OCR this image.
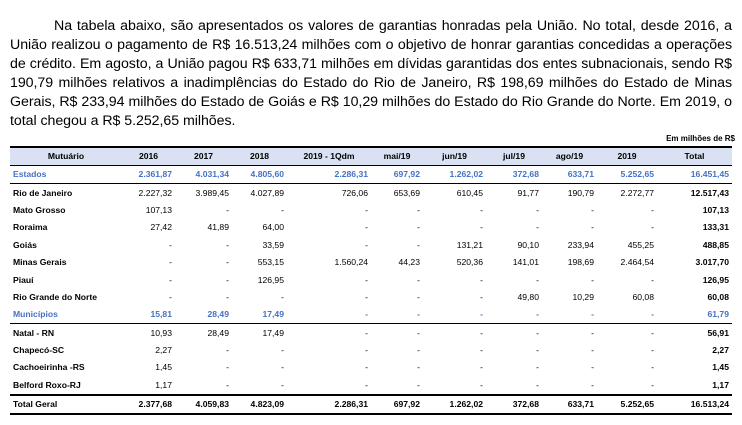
Na tabela abaixo, são apresentados os valores de garantias honradas pela União. No total, desde 2016, a União realizou o pagamento de R$ 16.513,24 milhões com o objetivo de honrar garantias concedidas a operações de crédito. Em agosto, a União pagou R$ 633,71 milhões em dívidas garantidas dos entes subnacionais, sendo R$ 190,79 milhões relativos a inadimplências do Estado do Rio de Janeiro, R$ 198,69 milhões do Estado de Minas Gerais, R$ 233,94 milhões do Estado de Goiás e R$ 10,29 milhões do Estado do Rio Grande do Norte. Em 2019, o total chegou a R$ 5.252,65 milhões.

Em milhões de R$
Mutuário	2016	2017	2018	2019 - 1Qdm	mai/19	jun/19	jul/19	ago/19	2019	Total
Estados	2.361,87	4.031,34	4.805,60	2.286,31	697,92	1.262,02	372,68	633,71	5.252,65	16.451,45
Rio de Janeiro	2.227,32	3.989,45	4.027,89	726,06	653,69	610,45	91,77	190,79	2.272,77	12.517,43
Mato Grosso	107,13	-	-	-	-	-	-	-	-	107,13
Roraima	27,42	41,89	64,00	-	-	-	-	-	-	133,31
Goiás	-	-	33,59	-	-	131,21	90,10	233,94	455,25	488,85
Minas Gerais	-	-	553,15	1.560,24	44,23	520,36	141,01	198,69	2.464,54	3.017,70
Piauí	-	-	126,95	-	-	-	-	-	-	126,95
Rio Grande do Norte	-	-	-	-	-	-	49,80	10,29	60,08	60,08
Municípios	15,81	28,49	17,49	-	-	-	-	-	-	61,79
Natal - RN	10,93	28,49	17,49	-	-	-	-	-	-	56,91
Chapecó-SC	2,27	-	-	-	-	-	-	-	-	2,27
Cachoeirinha -RS	1,45	-	-	-	-	-	-	-	-	1,45
Belford Roxo-RJ	1,17	-	-	-	-	-	-	-	-	1,17
Total Geral	2.377,68	4.059,83	4.823,09	2.286,31	697,92	1.262,02	372,68	633,71	5.252,65	16.513,24
